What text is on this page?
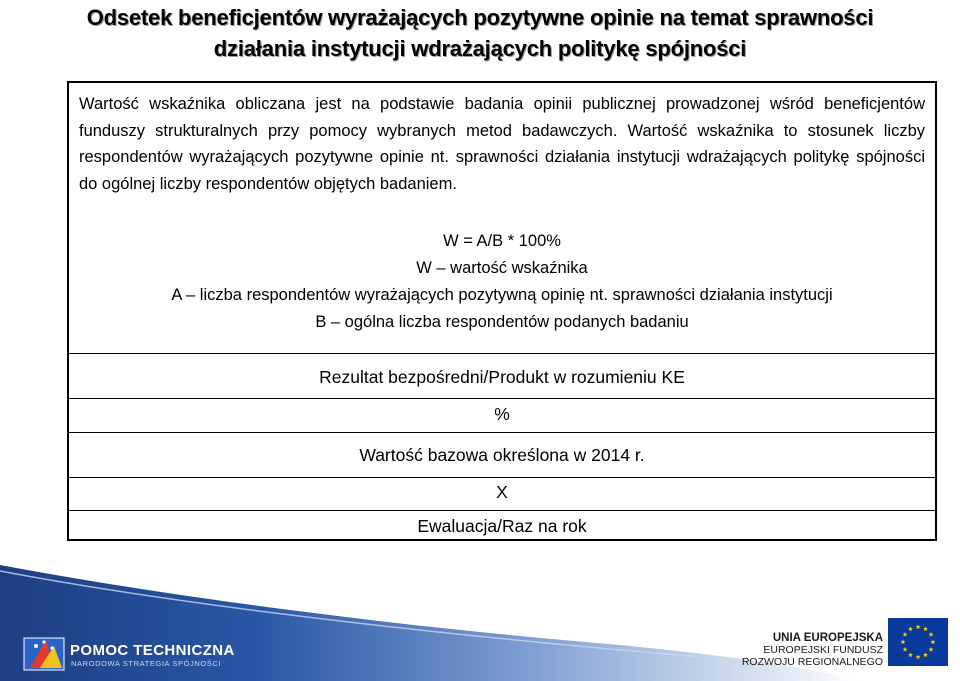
Odsetek beneficjentów wyrażających pozytywne opinie na temat sprawności
działania instytucji wdrażających politykę spójności
Wartość wskaźnika obliczana jest na podstawie badania opinii publicznej prowadzonej wśród beneficjentów funduszy strukturalnych przy pomocy wybranych metod badawczych. Wartość wskaźnika to stosunek liczby respondentów wyrażających pozytywne opinie nt. sprawności działania instytucji wdrażających politykę spójności do ogólnej liczby respondentów objętych badaniem.
W = A/B * 100%
W – wartość wskaźnika
A – liczba respondentów wyrażających pozytywną opinię nt. sprawności działania instytucji
B – ogólna liczba respondentów podanych badaniu
Rezultat bezpośredni/Produkt w rozumieniu KE
%
Wartość bazowa określona w 2014 r.
X
Ewaluacja/Raz na rok
POMOC TECHNICZNA
NARODOWA STRATEGIA SPÓJNOŚCI
UNIA EUROPEJSKA
EUROPEJSKI FUNDUSZ
ROZWOJU REGIONALNEGO
